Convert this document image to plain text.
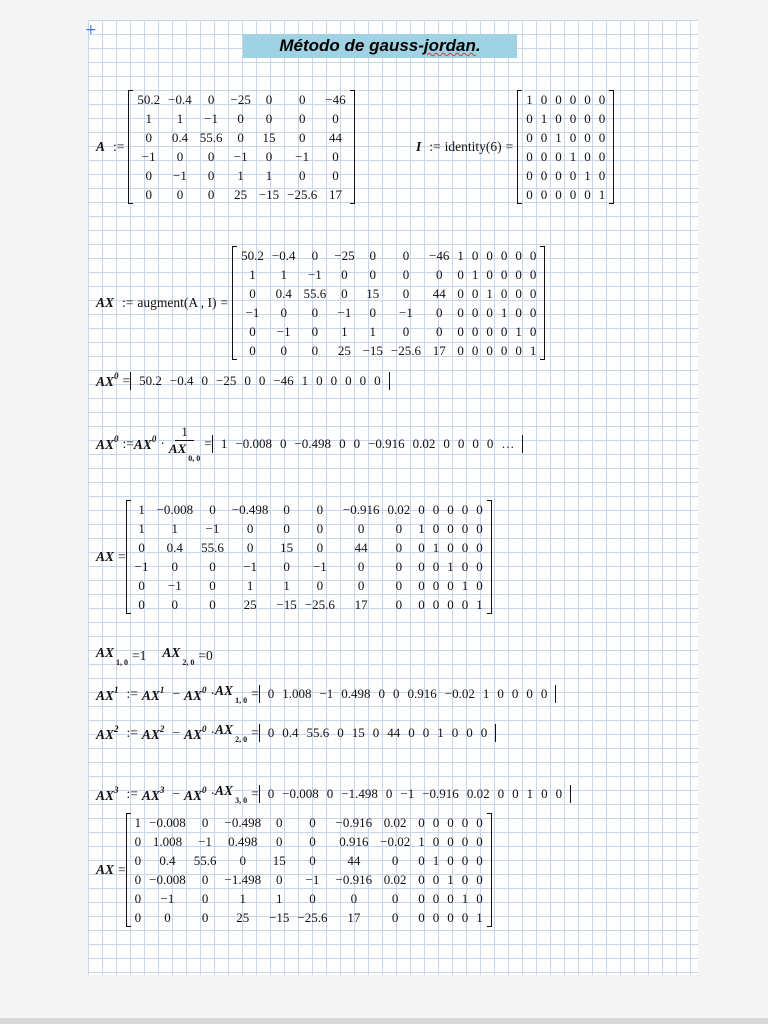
+
Método de gauss-jordan.
A :=
50.2	−0.4	0	−25	0	0	−46
1	1	−1	0	0	0	0
0	0.4	55.6	0	15	0	44
−1	0	0	−1	0	−1	0
0	−1	0	1	1	0	0
0	0	0	25	−15	−25.6	17
I := identity ( 6 ) =
1	0	0	0	0	0
0	1	0	0	0	0
0	0	1	0	0	0
0	0	0	1	0	0
0	0	0	0	1	0
0	0	0	0	0	1
AX := augment (A , I) =
50.2	−0.4	0	−25	0	0	−46	1	0	0	0	0	0
1	1	−1	0	0	0	0	0	1	0	0	0	0
0	0.4	55.6	0	15	0	44	0	0	1	0	0	0
−1	0	0	−1	0	−1	0	0	0	0	1	0	0
0	−1	0	1	1	0	0	0	0	0	0	1	0
0	0	0	25	−15	−25.6	17	0	0	0	0	0	1
$AX^0 = 50.2 -0.4$ 0 −25 0 0 −46 1 0 0 0 0 0
$AX^0$ := $AX^0 \cdot \frac{1}{AX_{0, 0}} = 1 -0.008$ 0 −0.498 0 0 −0.916 0.02 0 0 0 0 …
AX =
1	−0.008	0	−0.498	0	0	−0.916	0.02	0	0	0	0	0
1	1	−1	0	0	0	0	0	1	0	0	0	0
0	0.4	55.6	0	15	0	44	0	0	1	0	0	0
−1	0	0	−1	0	−1	0	0	0	0	1	0	0
0	−1	0	1	1	0	0	0	0	0	0	1	0
0	0	0	25	−15	−25.6	17	0	0	0	0	0	1
$AX_{1, 0} =1$ $AX_{2, 0} =0$
$AX^1$ := $AX^1 - AX^0 \cdot AX_{1, 0} = 0$ 1.008 −1 0.498 0 0 0.916 −0.02 1 0 0 0 0
$AX^2$ := $AX^2 - AX^0 \cdot AX_{2, 0} = 0$ 0.4 55.6 0 15 0 44 0 0 1 0 0 0
$AX^3$ := $AX^3 - AX^0 \cdot AX_{3, 0} = 0 -0.008$ 0 −1.498 0 −1 −0.916 0.02 0 0 1 0 0
AX =
1	−0.008	0	−0.498	0	0	−0.916	0.02	0	0	0	0	0
0	1.008	−1	0.498	0	0	0.916	−0.02	1	0	0	0	0
0	0.4	55.6	0	15	0	44	0	0	1	0	0	0
0	−0.008	0	−1.498	0	−1	−0.916	0.02	0	0	1	0	0
0	−1	0	1	1	0	0	0	0	0	0	1	0
0	0	0	25	−15	−25.6	17	0	0	0	0	0	1
